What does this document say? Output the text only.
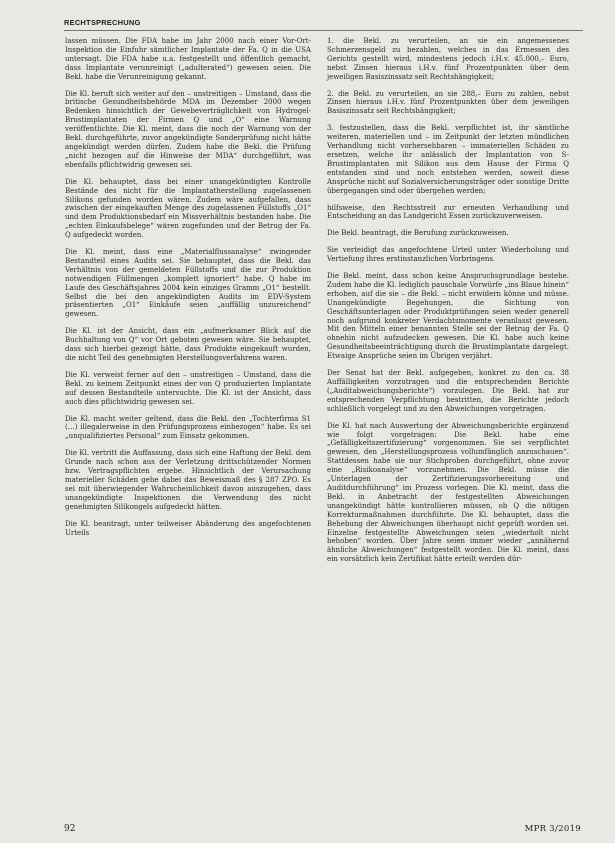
RECHTSPRECHUNG

lassen müssen. Die FDA habe im Jahr 2000 nach einer Vor-Ort-Inspektion die Einfuhr sämtlicher Implantate der Fa. Q in die USA untersagt. Die FDA habe u.a. festgestellt und öffentlich gemacht, dass Implantate verunreinigt („adulterated“) gewesen seien. Die Bekl. habe die Verunreinigung gekannt.

Die Kl. beruft sich weiter auf den – unstreitigen – Umstand, dass die britische Gesundheitsbehörde MDA im Dezember 2000 wegen Bedenken hinsichtlich der Gewebeverträglichkeit von Hydrogel-Brustimplantaten der Firmen Q und „O“ eine Warnung veröffentlichte. Die Kl. meint, dass die noch der Warnung von der Bekl. durchgeführte, zuvor angekündigte Sonderprüfung nicht hätte angekündigt werden dürfen. Zudem habe die Bekl. die Prüfung „nicht bezogen auf die Hinweise der MDA“ durchgeführt, was ebenfalls pflichtwidrig gewesen sei.

Die Kl. behauptet, dass bei einer unangekündigten Kontrolle Bestände des nicht für die Implantatherstellung zugelassenen Silikons gefunden worden wären. Zudem wäre aufgefallen, dass zwischen der eingekauften Menge des zugelassenen Füllstoffs „O1“ und dem Produktionsbedarf ein Missverhältnis bestanden habe. Die „echten Einkaufsbelege“ wären zugefunden und der Betrug der Fa. Q aufgedeckt worden.

Die Kl. meint, dass eine „Materialflussanalyse“ zwingender Bestandteil eines Audits sei. Sie behauptet, dass die Bekl. das Verhältnis von der gemeldeten Füllstoffs und die zur Produktion notwendigen Füllmengen „komplett ignoriert“ habe. Q habe im Laufe des Geschäftsjahres 2004 kein einziges Gramm „O1“ bestellt. Selbst die bei den angekündigten Audits im EDV-System präsentierten „O1“ Einkäufe seien „auffällig unzureichend“ gewesen.

Die Kl. ist der Ansicht, dass ein „aufmerksamer Blick auf die Buchhaltung von Q“ vor Ort geboten gewesen wäre. Sie behauptet, dass sich hierbei gezeigt hätte, dass Produkte eingekauft wurden, die nicht Teil des genehmigten Herstellungsverfahrens waren.

Die Kl. verweist ferner auf den – unstreitigen – Umstand, dass die Bekl. zu keinem Zeitpunkt eines der von Q produzierten Implantate auf dessen Bestandteile untersuchte. Die Kl. ist der Ansicht, dass auch dies pflichtwidrig gewesen sei.

Die Kl. macht weiter geltend, dass die Bekl. den „Tochterfirma S1 (…) illegalerweise in den Prüfungsprozess einbezogen“ habe. Es sei „unqualifiziertes Personal“ zum Einsatz gekommen.

Die Kl. vertritt die Auffassung, dass sich eine Haftung der Bekl. dem Grunde nach schon aus der Verletzung drittschützender Normen bzw. Vertragspflichten ergebe. Hinsichtlich der Verursachung materieller Schäden gehe dabei das Beweismaß des § 287 ZPO. Es sei mit überwiegender Wahrscheinlichkeit davon auszugehen, dass unangekündigte Inspektionen die Verwendung des nicht genehmigten Silikongels aufgedeckt hätten.

Die Kl. beantragt, unter teilweiser Abänderung des angefochtenen Urteils

1. die Bekl. zu verurteilen, an sie ein angemessenes Schmerzensgeld zu bezahlen, welches in das Ermessen des Gerichts gestellt wird, mindestens jedoch i.H.v. 45.000,– Euro, nebst Zinsen hieraus i.H.v. fünf Prozentpunkten über dem jeweiligen Basiszinssatz seit Rechtshängigkeit;

2. die Bekl. zu verurteilen, an sie 288,– Euro zu zahlen, nebst Zinsen hieraus i.H.v. fünf Prozentpunkten über dem jeweiligen Basiszinssatz seit Rechtshängigkeit;

3. festzustellen, dass die Bekl. verpflichtet ist, ihr sämtliche weiteren, materiellen und – im Zeitpunkt der letzten mündlichen Verhandlung nicht vorhersehbaren – immateriellen Schäden zu ersetzen, welche ihr anlässlich der Implantation von S-Brustimplantaten mit Silikon aus dem Hause der Firma Q entstanden sind und noch entstehen werden, soweit diese Ansprüche nicht auf Sozialversicherungsträger oder sonstige Dritte übergegangen sind oder übergehen werden;

hilfsweise, den Rechtsstreit zur erneuten Verhandlung und Entscheidung an das Landgericht Essen zurückzuverweisen.

Die Bekl. beantragt, die Berufung zurückzuweisen.

Sie verteidigt das angefochtene Urteil unter Wiederholung und Vertiefung ihres erstinstanzlichen Vorbringens.

Die Bekl. meint, dass schon keine Anspruchsgrundlage bestehe. Zudem habe die Kl. lediglich pauschale Vorwürfe „ins Blaue hinein“ erhoben, auf die sie – die Bekl. – nicht erwidern könne und müsse. Unangekündigte Begehungen, die Sichtung von Geschäftsunterlagen oder Produktprüfungen seien weder generell noch aufgrund konkreter Verdachtsmomente veranlasst gewesen. Mit den Mitteln einer benannten Stelle sei der Betrug der Fa. Q ohnehin nicht aufzudecken gewesen. Die Kl. habe auch keine Gesundheitsbeeinträchtigung durch die Brustimplantate dargelegt. Etwaige Ansprüche seien im Übrigen verjährt.

Der Senat hat der Bekl. aufgegeben, konkret zu den ca. 38 Auffälligkeiten vorzutragen und die entsprechenden Berichte („Auditabweichungsberichte“) vorzulegen. Die Bekl. hat zur entsprechenden Verpflichtung bestritten, die Berichte jedoch schließlich vorgelegt und zu den Abweichungen vorgetragen.

Die Kl. hat nach Auswertung der Abweichungsberichte ergänzend wie folgt vorgetragen: Die Bekl. habe eine „Gefälligkeitszertifizierung“ vorgenommen. Sie sei verpflichtet gewesen, den „Herstellungsprozess vollumfänglich anzuschauen“. Stattdessen habe sie nur Stichproben durchgeführt, ohne zuvor eine „Risikoanalyse“ vorzunehmen. Die Bekl. müsse die „Unterlagen der Zertifizierungsvorbereitung und Auditdurchführung“ im Prozess vorlegen. Die Kl. meint, dass die Bekl. in Anbetracht der festgestellten Abweichungen unangekündigt hätte kontrollieren müssen, ob Q die nötigen Korrekturmaßnahmen durchführte. Die Kl. behauptet, dass die Behebung der Abweichungen überhaupt nicht geprüft worden sei. Einzelne festgestellte Abweichungen seien „wiederholt nicht behoben“ worden. Über Jahre seien immer wieder „annähernd ähnliche Abweichungen“ festgestellt worden. Die Kl. meint, dass ein vorsätzlich kein Zertifikat hätte erteilt werden dür-

92	MPR 3/2019
